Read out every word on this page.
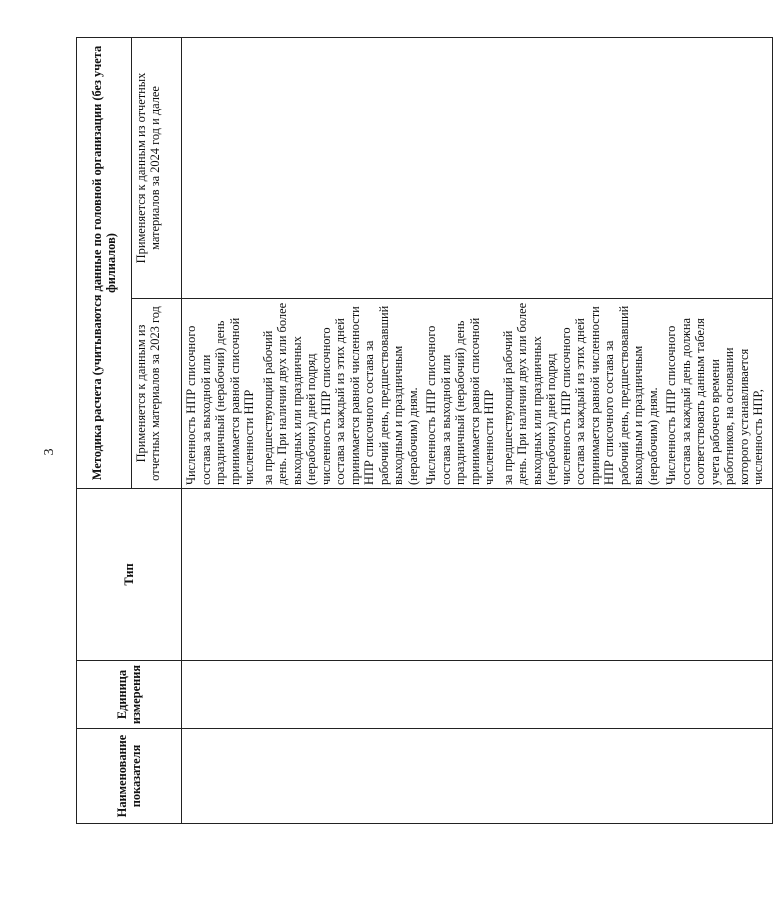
3
Наименование показателя	Единица измерения	Тип	Методика расчета (учитываются данные по головной организации (без учета филиалов)	
			Применяется к данным из отчетных материалов за 2023 год	Применяется к данным из отчетных материалов за 2024 год и далее

			Численность НПР списочного состава за выходной или праздничный (нерабочий) день принимается равной списочной численности НПР за предшествующий рабочий день. При наличии двух или более выходных или праздничных (нерабочих) дней подряд численность НПР списочного состава за каждый из этих дней принимается равной численности НПР списочного состава за рабочий день, предшествовавший выходным и праздничным (нерабочим) дням. Численность НПР списочного состава за выходной или праздничный (нерабочий) день принимается равной списочной численности НПР за предшествующий рабочий день. При наличии двух или более выходных или праздничных (нерабочих) дней подряд численность НПР списочного состава за каждый из этих дней принимается равной численности НПР списочного состава за рабочий день, предшествовавший выходным и праздничным (нерабочим) дням. Численность НПР списочного состава за каждый день должна соответствовать данным табеля учета рабочего времени работников, на основании которого устанавливается численность НПР,	
